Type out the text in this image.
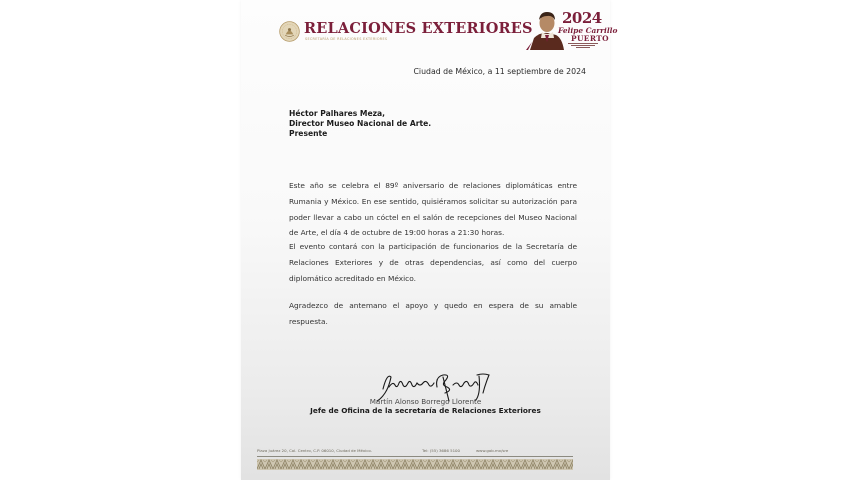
RELACIONES EXTERIORES
SECRETARÍA DE RELACIONES EXTERIORES
2024
Felipe Carrillo
PUERTO
Ciudad de México, a 11 septiembre de 2024
Héctor Palhares Meza,
Director Museo Nacional de Arte.
Presente
Este año se celebra el 89º aniversario de relaciones diplomáticas entre Rumania y México. En ese sentido, quisiéramos solicitar su autorización para poder llevar a cabo un cóctel en el salón de recepciones del Museo Nacional de Arte, el día 4 de octubre de 19:00 horas a 21:30 horas.
El evento contará con la participación de funcionarios de la Secretaría de Relaciones Exteriores y de otras dependencias, así como del cuerpo diplomático acreditado en México.
Agradezco de antemano el apoyo y quedo en espera de su amable respuesta.
Martín Alonso Borrego Llorente
Jefe de Oficina de la secretaría de Relaciones Exteriores
Plaza Juárez 20, Col. Centro, C.P. 06010, Ciudad de México.	Tel: (55) 3686 5100	www.gob.mx/sre
